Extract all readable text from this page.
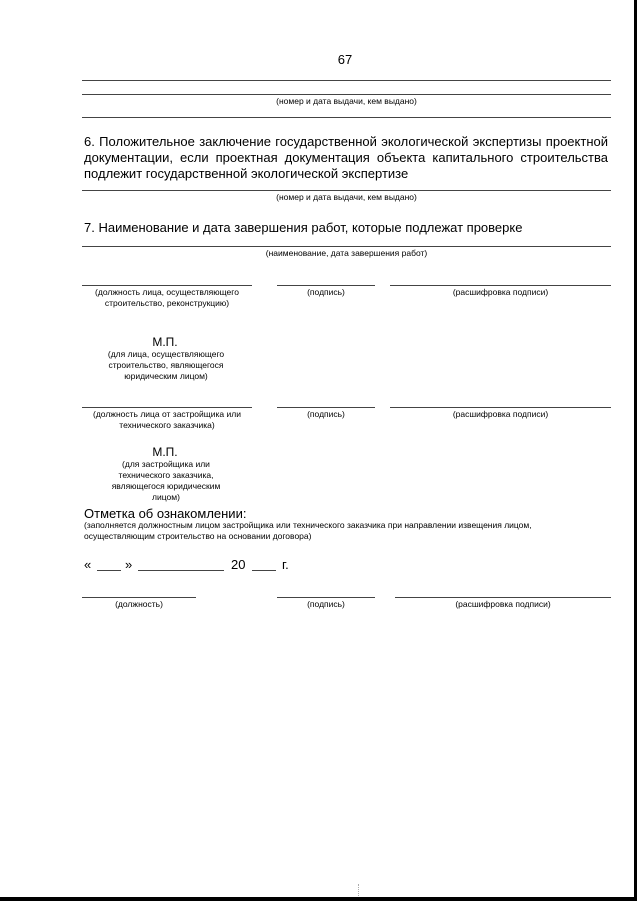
67
(номер и дата выдачи, кем выдано)
6. Положительное заключение государственной экологической экспертизы проектной документации, если проектная документация объекта капитального строительства подлежит государственной экологической экспертизе
(номер и дата выдачи, кем выдано)
7. Наименование и дата завершения работ, которые подлежат проверке
(наименование, дата завершения работ)
(должность лица, осуществляющего строительство, реконструкцию)
(подпись)	(расшифровка подписи)
М.П.
(для лица, осуществляющего строительство, являющегося юридическим лицом)
(должность лица от застройщика или технического заказчика)
(подпись)	(расшифровка подписи)
М.П.
(для застройщика или технического заказчика, являющегося юридическим лицом)
Отметка об ознакомлении:
(заполняется должностным лицом застройщика или технического заказчика при направлении извещения лицом, осуществляющим строительство на основании договора)
«	»	20	г.
(должность)	(подпись)	(расшифровка подписи)
